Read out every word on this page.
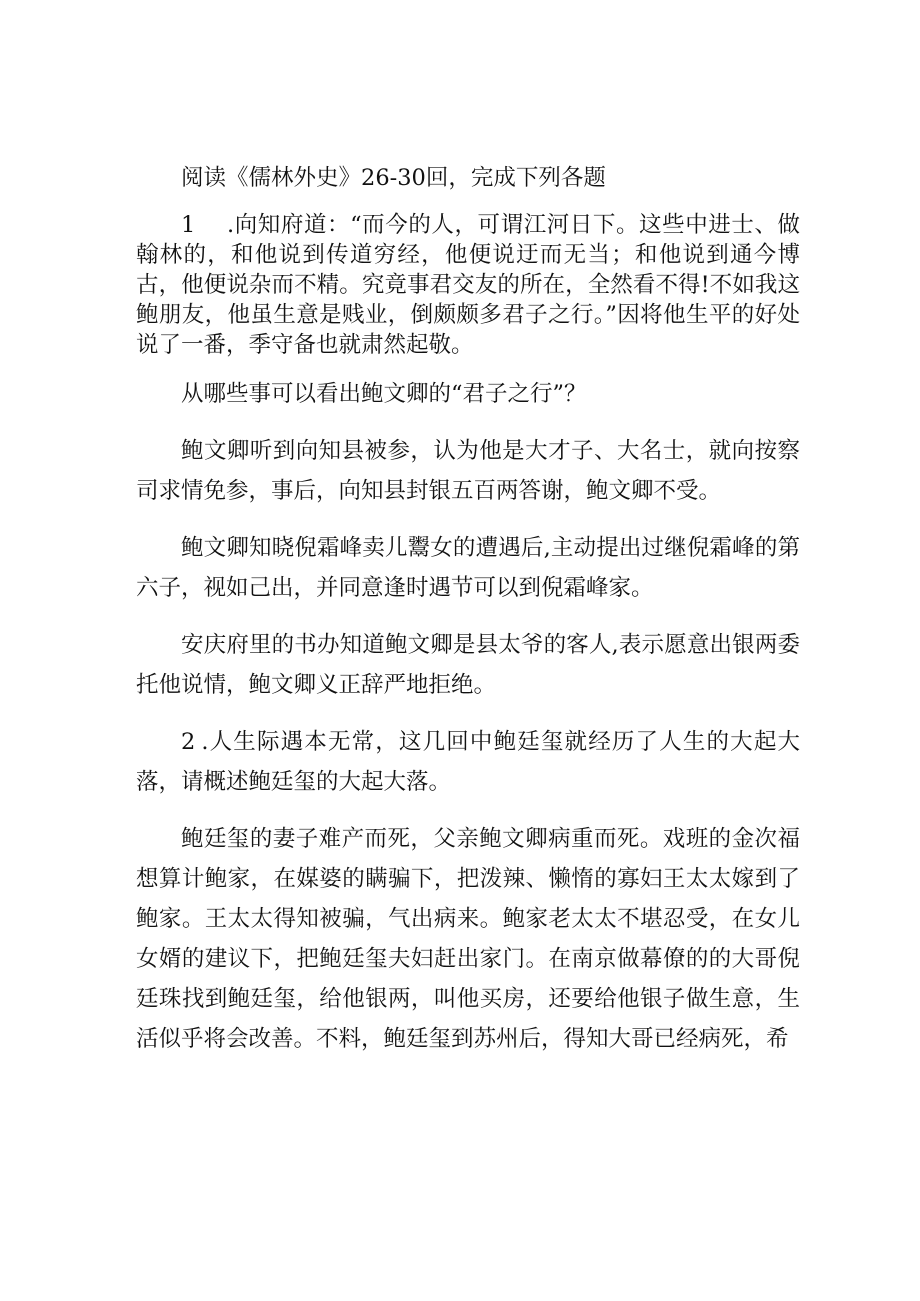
阅读《儒林外史》26-30回，完成下列各题

1 .向知府道：“而今的人，可谓江河日下。这些中进士、做翰林的，和他说到传道穷经，他便说迂而无当；和他说到通今博古，他便说杂而不精。究竟事君交友的所在，全然看不得!不如我这鲍朋友，他虽生意是贱业，倒颇颇多君子之行。”因将他生平的好处说了一番，季守备也就肃然起敬。

从哪些事可以看出鲍文卿的“君子之行”？

鲍文卿听到向知县被参，认为他是大才子、大名士，就向按察司求情免参，事后，向知县封银五百两答谢，鲍文卿不受。

鲍文卿知晓倪霜峰卖儿鬻女的遭遇后,主动提出过继倪霜峰的第六子，视如己出，并同意逢时遇节可以到倪霜峰家。

安庆府里的书办知道鲍文卿是县太爷的客人,表示愿意出银两委托他说情，鲍文卿义正辞严地拒绝。

2 .人生际遇本无常，这几回中鲍廷玺就经历了人生的大起大落，请概述鲍廷玺的大起大落。

鲍廷玺的妻子难产而死，父亲鲍文卿病重而死。戏班的金次福想算计鲍家，在媒婆的瞒骗下，把泼辣、懒惰的寡妇王太太嫁到了鲍家。王太太得知被骗，气出病来。鲍家老太太不堪忍受，在女儿女婿的建议下，把鲍廷玺夫妇赶出家门。在南京做幕僚的的大哥倪廷珠找到鲍廷玺，给他银两，叫他买房，还要给他银子做生意，生活似乎将会改善。不料，鲍廷玺到苏州后，得知大哥已经病死，希
